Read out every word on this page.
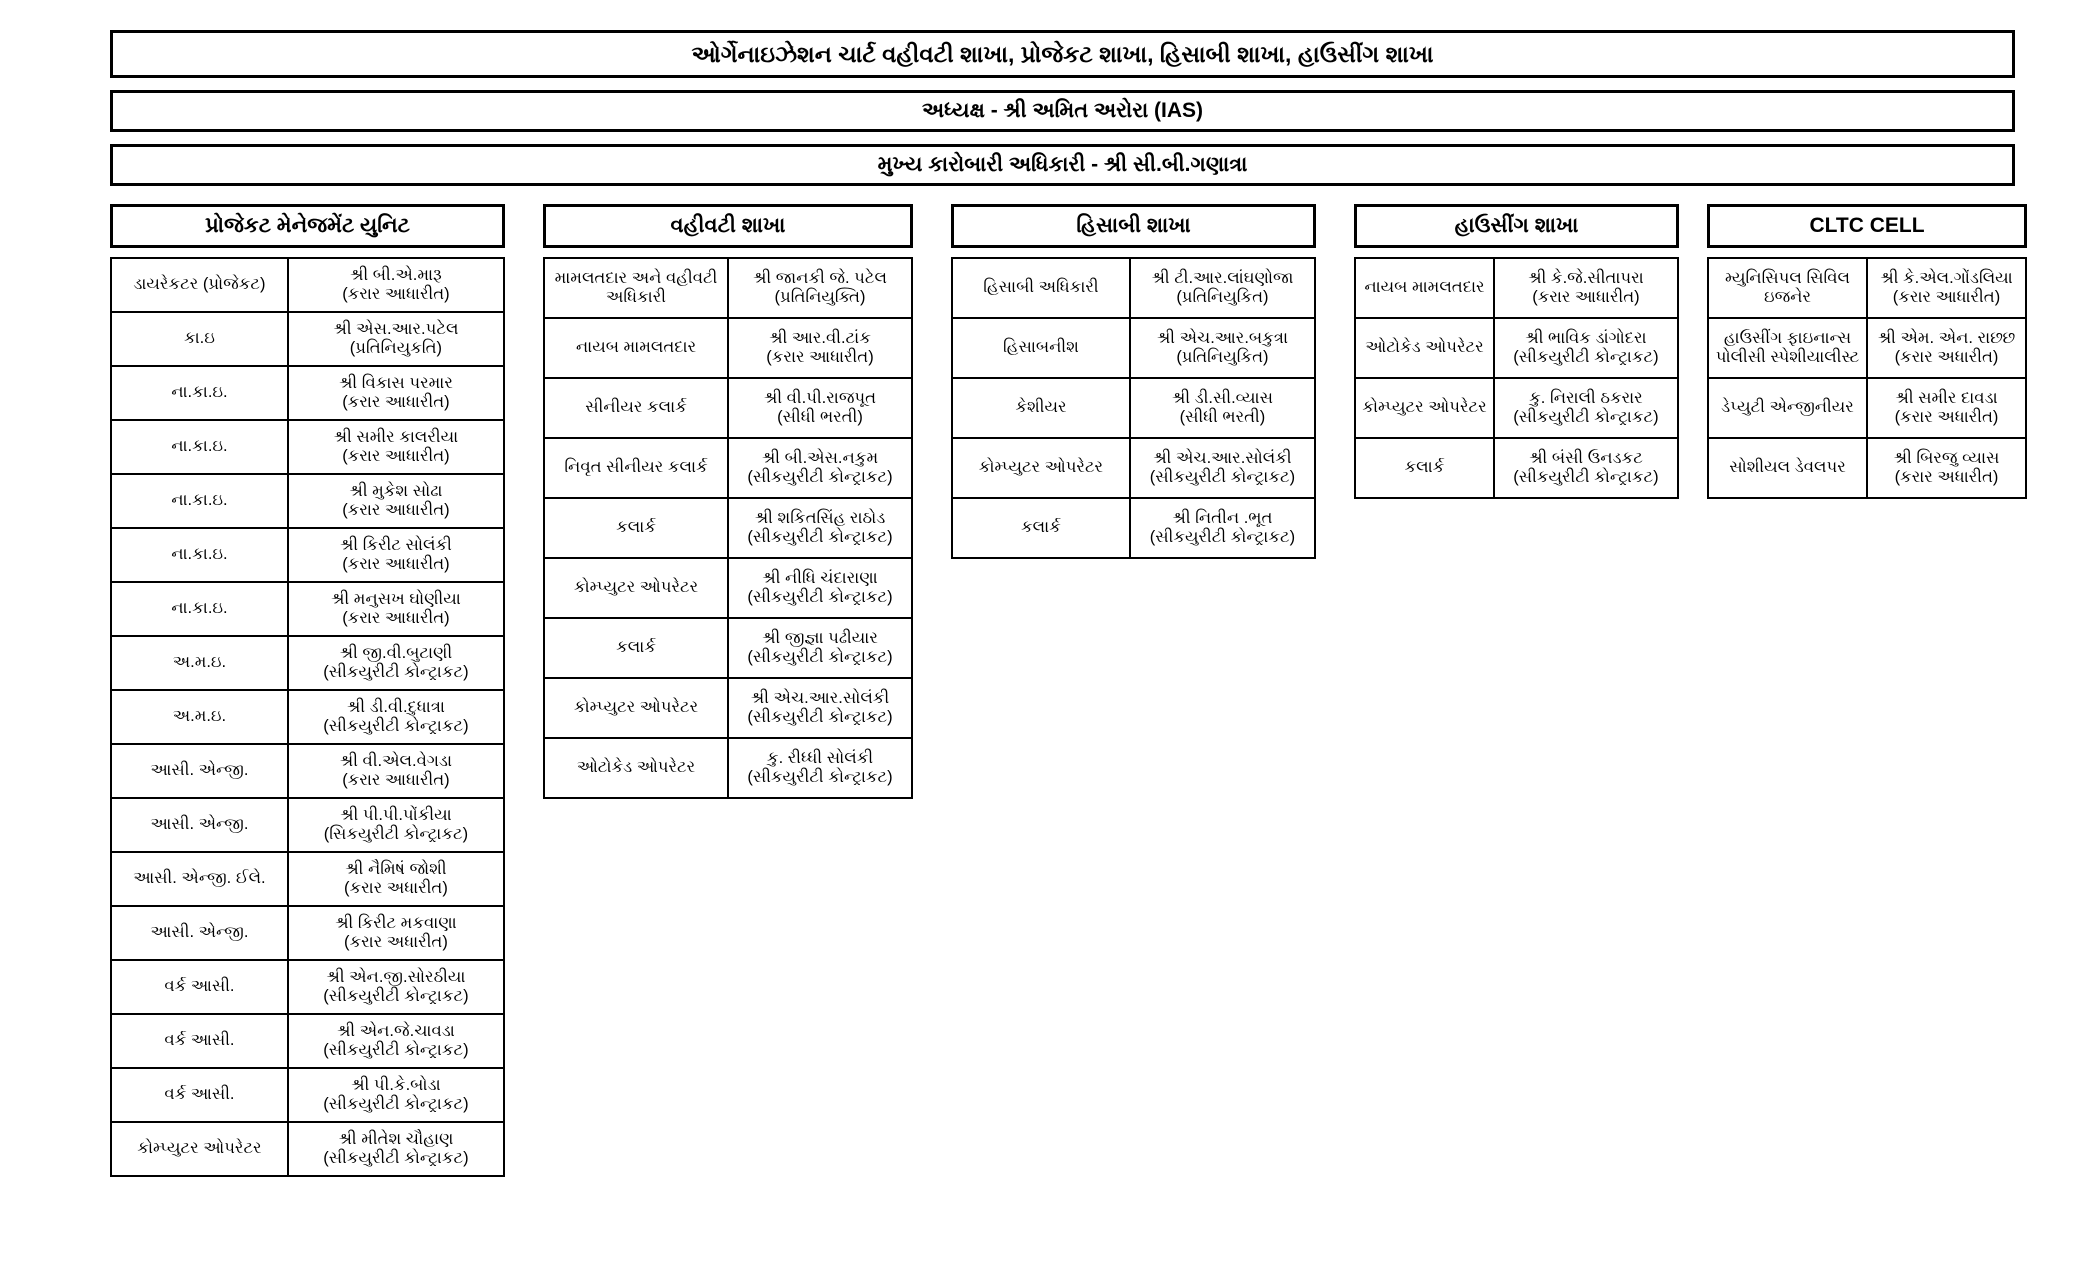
ઓર્ગેનાઇઝેશન ચાર્ટ વહીવટી શાખા, પ્રોજેકટ શાખા, હિસાબી શાખા, હાઉસીંગ શાખા
અધ્યક્ષ - શ્રી અમિત અરોરા (IAS)
મુખ્ય કારોબારી અધિકારી - શ્રી સી.બી.ગણાત્રા
પ્રોજેકટ મેનેજમેંટ યુનિટ
ડાયરેકટર (પ્રોજેકટ)	શ્રી બી.એ.મારૂ
(કરાર આધારીત)

કા.ઇ	શ્રી એસ.આર.પટેલ
(પ્રતિનિયુકતિ)

ના.કા.ઇ.	શ્રી વિકાસ પરમાર
(કરાર આધારીત)

ના.કા.ઇ.	શ્રી સમીર કાલરીયા
(કરાર આધારીત)

ના.કા.ઇ.	શ્રી મુકેશ સોઢા
(કરાર આધારીત)

ના.કા.ઇ.	શ્રી કિરીટ સોલંકી
(કરાર આધારીત)

ના.કા.ઇ.	શ્રી મનુસખ ઘોણીયા
(કરાર આધારીત)

અ.મ.ઇ.	શ્રી જી.વી.બુટાણી
(સીકયુરીટી કોન્ટ્રાકટ)

અ.મ.ઇ.	શ્રી ડી.વી.દુધાત્રા
(સીકયુરીટી કોન્ટ્રાકટ)

આસી. એન્જી.	શ્રી વી.એલ.વેગડા
(કરાર આધારીત)

આસી. એન્જી.	શ્રી પી.પી.પોંકીયા
(સિકયુરીટી કોન્ટ્રાકટ)

આસી. એન્જી. ઈલે.	શ્રી નૈમિષં જોશી
(કરાર અધારીત)

આસી. એન્જી.	શ્રી કિરીટ મકવાણા
(કરાર અધારીત)

વર્ક આસી.	શ્રી એન.જી.સોરઠીયા
(સીકયુરીટી કોન્ટ્રાકટ)

વર્ક આસી.	શ્રી એન.જે.ચાવડા
(સીકયુરીટી કોન્ટ્રાકટ)

વર્ક આસી.	શ્રી પી.કે.બોડા
(સીકયુરીટી કોન્ટ્રાકટ)

કોમ્પ્યુટર ઓપરેટર	શ્રી મીતેશ ચૌહાણ
(સીકયુરીટી કોન્ટ્રાકટ)
વહીવટી શાખા
મામલતદાર અને વહીવટી અધિકારી	શ્રી જાનકી જે. પટેલ
(પ્રતિનિયુક્તિ)

નાયબ મામલતદાર	શ્રી આર.વી.ટાંક
(કરાર આધારીત)

સીનીયર કલાર્ક	શ્રી વી.પી.રાજપૂત
(સીધી ભરતી)

નિવૃત સીનીયર કલાર્ક	શ્રી બી.એસ.નકુમ
(સીકયુરીટી કોન્ટ્રાકટ)

કલાર્ક	શ્રી શકિતસિંહ રાઠોડ
(સીકયુરીટી કોન્ટ્રાકટ)

કોમ્પ્યુટર ઓપરેટર	શ્રી નીધિ ચંદારાણા
(સીકયુરીટી કોન્ટ્રાકટ)

કલાર્ક	શ્રી જીજ્ઞા પઢીયાર
(સીકયુરીટી કોન્ટ્રાકટ)

કોમ્પ્યુટર ઓપરેટર	શ્રી એચ.આર.સોલંકી
(સીકયુરીટી કોન્ટ્રાકટ)

ઓટોકેડ ઓપરેટર	કુ. રીધ્ધી સોલંકી
(સીકયુરીટી કોન્ટ્રાકટ)
હિસાબી શાખા
હિસાબી અધિકારી	શ્રી ટી.આર.લાંઘણોજા
(પ્રતિનિયુકિત)

હિસાબનીશ	શ્રી એચ.આર.બકુત્રા
(પ્રતિનિયુકિત)

કેશીયર	શ્રી ડી.સી.વ્યાસ
(સીધી ભરતી)

કોમ્પ્યુટર ઓપરેટર	શ્રી એચ.આર.સોલંકી
(સીકયુરીટી કોન્ટ્રાકટ)

કલાર્ક	શ્રી નિતીન .ભૂત
(સીકયુરીટી કોન્ટ્રાકટ)
હાઉસીંગ શાખા
નાયબ મામલતદાર	શ્રી કે.જે.સીતાપરા
(કરાર આધારીત)

ઓટોકેડ ઓપરેટર	શ્રી ભાવિક ડાંગોદરા
(સીકયુરીટી કોન્ટ્રાકટ)

કોમ્પ્યુટર ઓપરેટર	કુ. નિરાલી ઠકરાર
(સીકયુરીટી કોન્ટ્રાકટ)

કલાર્ક	શ્રી બંસી ઉનડકટ
(સીકયુરીટી કોન્ટ્રાકટ)
CLTC CELL
મ્યુનિસિપલ સિવિલ ઇજનેર	શ્રી કે.એલ.ગોંડલિયા
(કરાર આધારીત)

હાઉસીંગ ફાઇનાન્સ પોલીસી સ્પેશીયાલીસ્ટ	શ્રી એમ. એન. રાછ્છ
(કરાર અધારીત)

ડેપ્યુટી એન્જીનીયર	શ્રી સમીર દાવડા
(કરાર અધારીત)

સોશીયલ ડેવલપર	શ્રી બિરજુ વ્યાસ
(કરાર અધારીત)
